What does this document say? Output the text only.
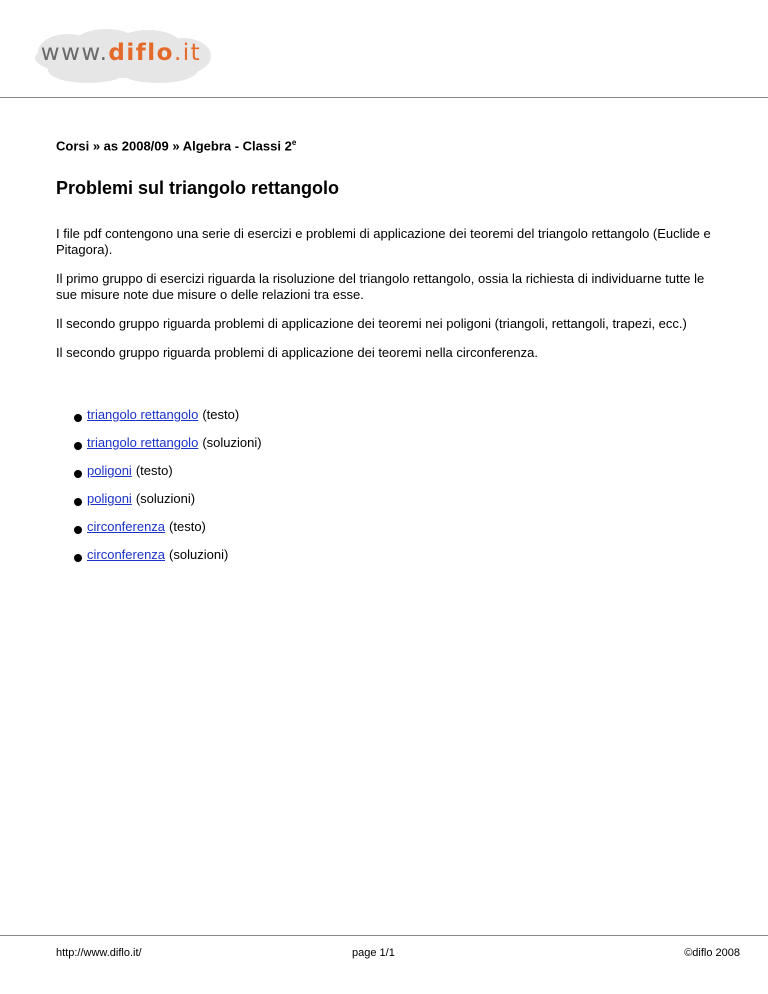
www. diflo .it
Corsi » as 2008/09 » Algebra - Classi 2e
Problemi sul triangolo rettangolo

I file pdf contengono una serie di esercizi e problemi di applicazione dei teoremi del triangolo rettangolo (Euclide e Pitagora).

Il primo gruppo di esercizi riguarda la risoluzione del triangolo rettangolo, ossia la richiesta di individuarne tutte le sue misure note due misure o delle relazioni tra esse.

Il secondo gruppo riguarda problemi di applicazione dei teoremi nei poligoni (triangoli, rettangoli, trapezi, ecc.)

Il secondo gruppo riguarda problemi di applicazione dei teoremi nella circonferenza.

triangolo rettangolo (testo)
triangolo rettangolo (soluzioni)
poligoni (testo)
poligoni (soluzioni)
circonferenza (testo)
circonferenza (soluzioni)
http://www.diflo.it/	page 1/1	©diflo 2008
